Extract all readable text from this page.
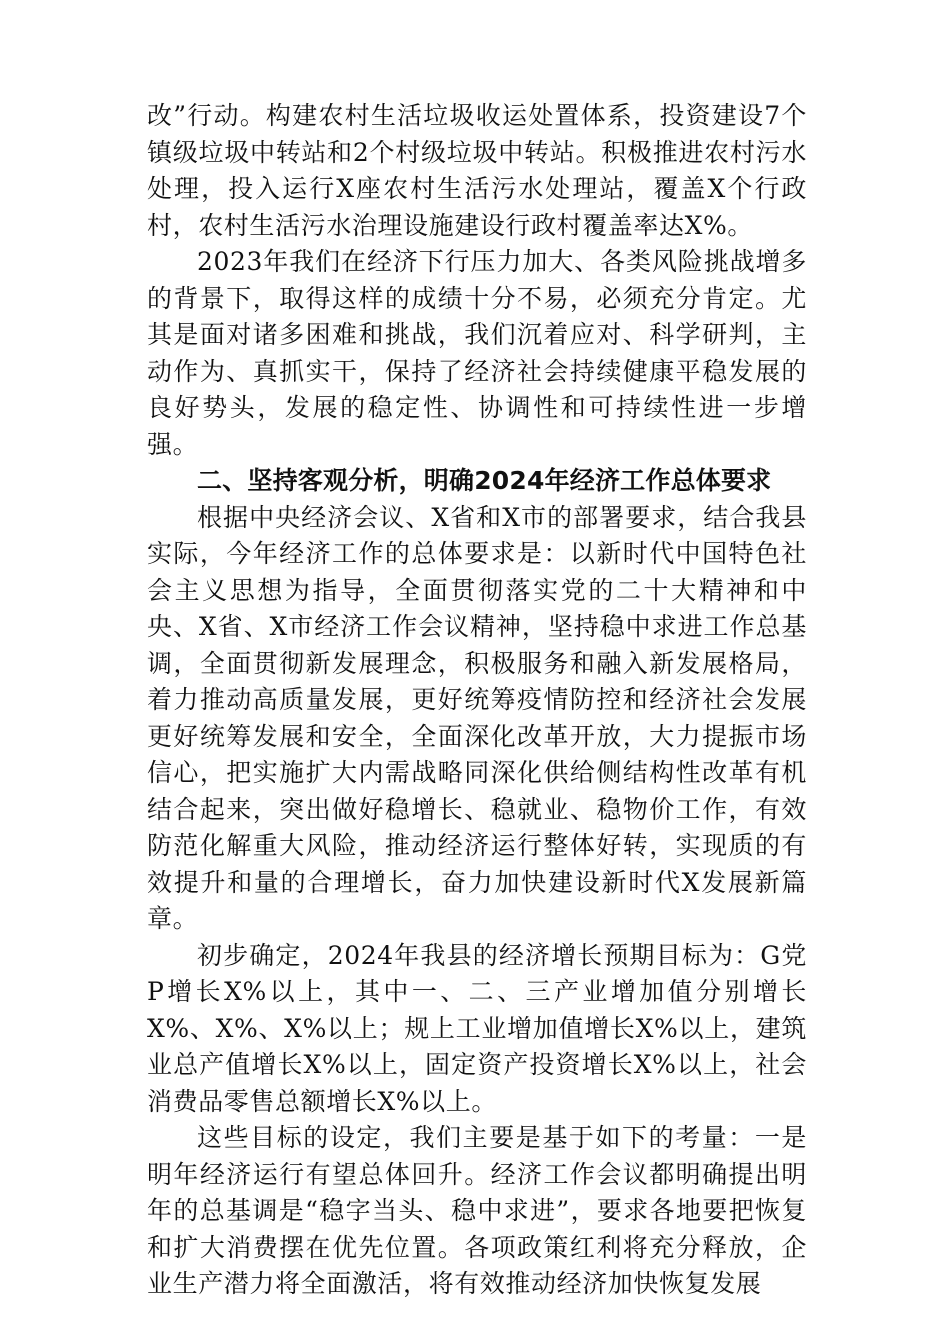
改”行动。构建农村生活垃圾收运处置体系，投资建设7个镇级垃圾中转站和2个村级垃圾中转站。积极推进农村污水处理，投入运行X座农村生活污水处理站，覆盖X个行政村，农村生活污水治理设施建设行政村覆盖率达X%。

2023年我们在经济下行压力加大、各类风险挑战增多的背景下，取得这样的成绩十分不易，必须充分肯定。尤其是面对诸多困难和挑战，我们沉着应对、科学研判，主动作为、真抓实干，保持了经济社会持续健康平稳发展的良好势头，发展的稳定性、协调性和可持续性进一步增强。

二、坚持客观分析，明确2024年经济工作总体要求

根据中央经济会议、X省和X市的部署要求，结合我县实际，今年经济工作的总体要求是：以新时代中国特色社会主义思想为指导，全面贯彻落实党的二十大精神和中央、X省、X市经济工作会议精神，坚持稳中求进工作总基调，全面贯彻新发展理念，积极服务和融入新发展格局，着力推动高质量发展，更好统筹疫情防控和经济社会发展更好统筹发展和安全，全面深化改革开放，大力提振市场信心，把实施扩大内需战略同深化供给侧结构性改革有机结合起来，突出做好稳增长、稳就业、稳物价工作，有效防范化解重大风险，推动经济运行整体好转，实现质的有效提升和量的合理增长，奋力加快建设新时代X发展新篇章。

初步确定，2024年我县的经济增长预期目标为：G党P增长X%以上，其中一、二、三产业增加值分别增长X%、X%、X%以上；规上工业增加值增长X%以上，建筑业总产值增长X%以上，固定资产投资增长X%以上，社会消费品零售总额增长X%以上。

这些目标的设定，我们主要是基于如下的考量：一是明年经济运行有望总体回升。经济工作会议都明确提出明年的总基调是“稳字当头、稳中求进”，要求各地要把恢复和扩大消费摆在优先位置。各项政策红利将充分释放，企业生产潜力将全面激活，将有效推动经济加快恢复发展
